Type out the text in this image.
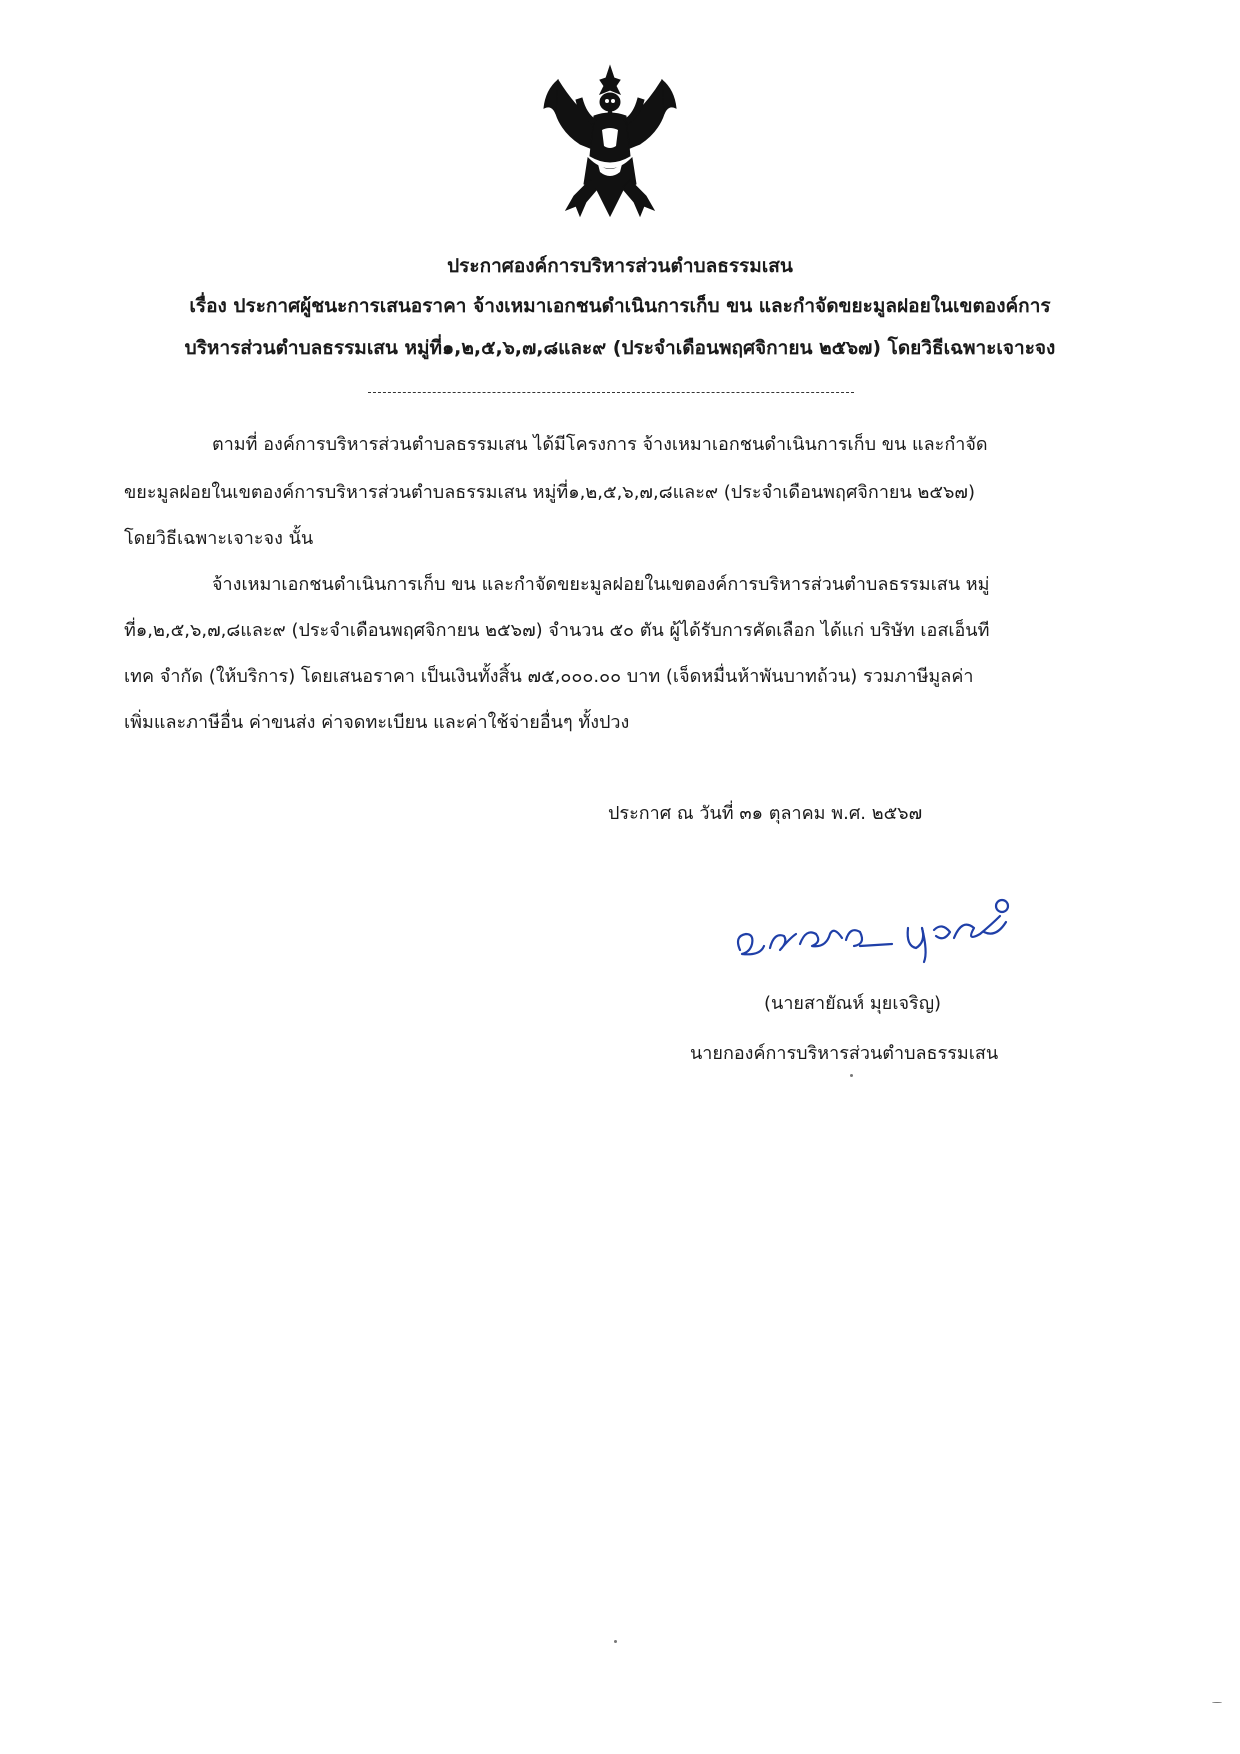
ประกาศองค์การบริหารส่วนตำบลธรรมเสน
เรื่อง ประกาศผู้ชนะการเสนอราคา จ้างเหมาเอกชนดำเนินการเก็บ ขน และกำจัดขยะมูลฝอยในเขตองค์การ
บริหารส่วนตำบลธรรมเสน หมู่ที่๑,๒,๕,๖,๗,๘และ๙ (ประจำเดือนพฤศจิกายน ๒๕๖๗) โดยวิธีเฉพาะเจาะจง
ตามที่ องค์การบริหารส่วนตำบลธรรมเสน ได้มีโครงการ จ้างเหมาเอกชนดำเนินการเก็บ ขน และกำจัด
ขยะมูลฝอยในเขตองค์การบริหารส่วนตำบลธรรมเสน หมู่ที่๑,๒,๕,๖,๗,๘และ๙ (ประจำเดือนพฤศจิกายน ๒๕๖๗)
โดยวิธีเฉพาะเจาะจง นั้น
จ้างเหมาเอกชนดำเนินการเก็บ ขน และกำจัดขยะมูลฝอยในเขตองค์การบริหารส่วนตำบลธรรมเสน หมู่
ที่๑,๒,๕,๖,๗,๘และ๙ (ประจำเดือนพฤศจิกายน ๒๕๖๗) จำนวน ๕๐ ตัน ผู้ได้รับการคัดเลือก ได้แก่ บริษัท เอสเอ็นที
เทค จำกัด (ให้บริการ) โดยเสนอราคา เป็นเงินทั้งสิ้น ๗๕,๐๐๐.๐๐ บาท (เจ็ดหมื่นห้าพันบาทถ้วน) รวมภาษีมูลค่า
เพิ่มและภาษีอื่น ค่าขนส่ง ค่าจดทะเบียน และค่าใช้จ่ายอื่นๆ ทั้งปวง
ประกาศ ณ วันที่ ๓๑ ตุลาคม พ.ศ. ๒๕๖๗
(นายสายัณห์ มุยเจริญ)
นายกองค์การบริหารส่วนตำบลธรรมเสน
